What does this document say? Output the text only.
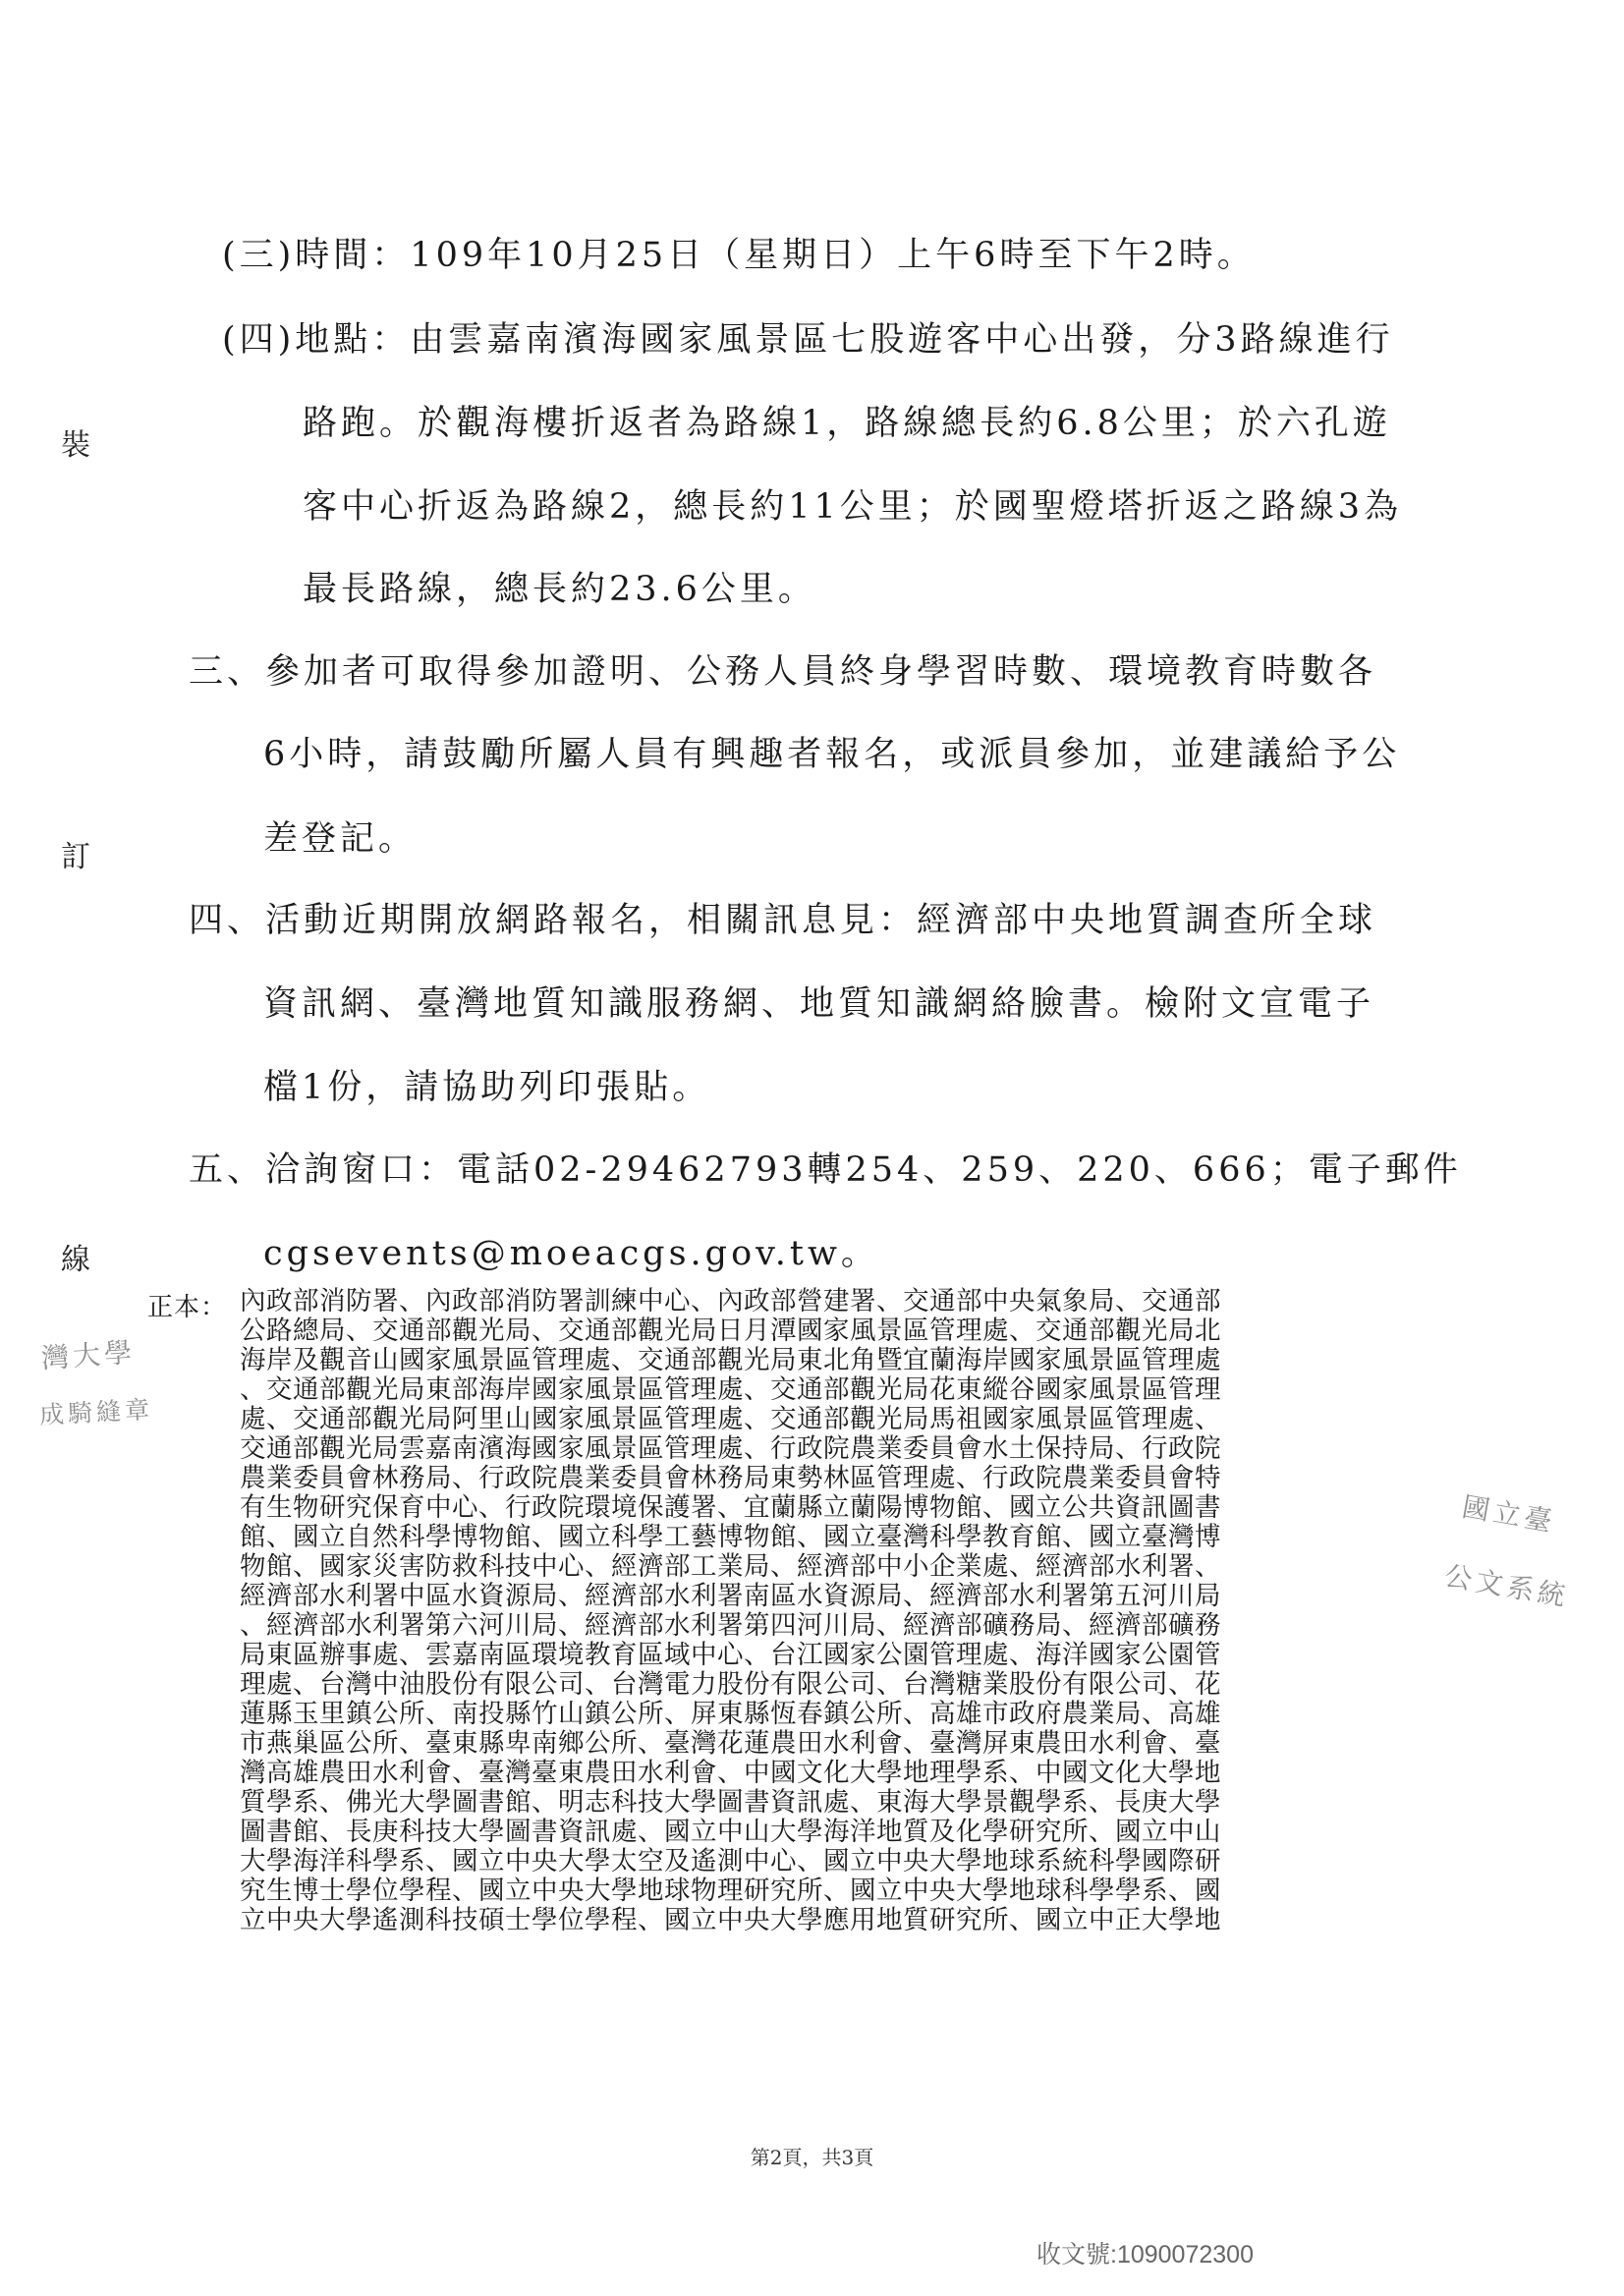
裝
訂
線
灣大學
成騎縫章
國立臺
公文系統
(三)時間：109年10月25日（星期日）上午6時至下午2時。
(四)地點：由雲嘉南濱海國家風景區七股遊客中心出發，分3路線進行
路跑。於觀海樓折返者為路線1，路線總長約6.8公里；於六孔遊
客中心折返為路線2，總長約11公里；於國聖燈塔折返之路線3為
最長路線，總長約23.6公里。
三、參加者可取得參加證明、公務人員終身學習時數、環境教育時數各
6小時，請鼓勵所屬人員有興趣者報名，或派員參加，並建議給予公
差登記。
四、活動近期開放網路報名，相關訊息見：經濟部中央地質調查所全球
資訊網、臺灣地質知識服務網、地質知識網絡臉書。檢附文宣電子
檔1份，請協助列印張貼。
五、洽詢窗口：電話02-29462793轉254、259、220、666；電子郵件
cgsevents@moeacgs.gov.tw。
正本： 內政部消防署、內政部消防署訓練中心、內政部營建署、交通部中央氣象局、交通部
公路總局、交通部觀光局、交通部觀光局日月潭國家風景區管理處、交通部觀光局北
海岸及觀音山國家風景區管理處、交通部觀光局東北角暨宜蘭海岸國家風景區管理處
、交通部觀光局東部海岸國家風景區管理處、交通部觀光局花東縱谷國家風景區管理
處、交通部觀光局阿里山國家風景區管理處、交通部觀光局馬祖國家風景區管理處、
交通部觀光局雲嘉南濱海國家風景區管理處、行政院農業委員會水土保持局、行政院
農業委員會林務局、行政院農業委員會林務局東勢林區管理處、行政院農業委員會特
有生物研究保育中心、行政院環境保護署、宜蘭縣立蘭陽博物館、國立公共資訊圖書
館、國立自然科學博物館、國立科學工藝博物館、國立臺灣科學教育館、國立臺灣博
物館、國家災害防救科技中心、經濟部工業局、經濟部中小企業處、經濟部水利署、
經濟部水利署中區水資源局、經濟部水利署南區水資源局、經濟部水利署第五河川局
、經濟部水利署第六河川局、經濟部水利署第四河川局、經濟部礦務局、經濟部礦務
局東區辦事處、雲嘉南區環境教育區域中心、台江國家公園管理處、海洋國家公園管
理處、台灣中油股份有限公司、台灣電力股份有限公司、台灣糖業股份有限公司、花
蓮縣玉里鎮公所、南投縣竹山鎮公所、屏東縣恆春鎮公所、高雄市政府農業局、高雄
市燕巢區公所、臺東縣卑南鄉公所、臺灣花蓮農田水利會、臺灣屏東農田水利會、臺
灣高雄農田水利會、臺灣臺東農田水利會、中國文化大學地理學系、中國文化大學地
質學系、佛光大學圖書館、明志科技大學圖書資訊處、東海大學景觀學系、長庚大學
圖書館、長庚科技大學圖書資訊處、國立中山大學海洋地質及化學研究所、國立中山
大學海洋科學系、國立中央大學太空及遙測中心、國立中央大學地球系統科學國際研
究生博士學位學程、國立中央大學地球物理研究所、國立中央大學地球科學學系、國
立中央大學遙測科技碩士學位學程、國立中央大學應用地質研究所、國立中正大學地
第2頁，共3頁
收文號:1090072300
